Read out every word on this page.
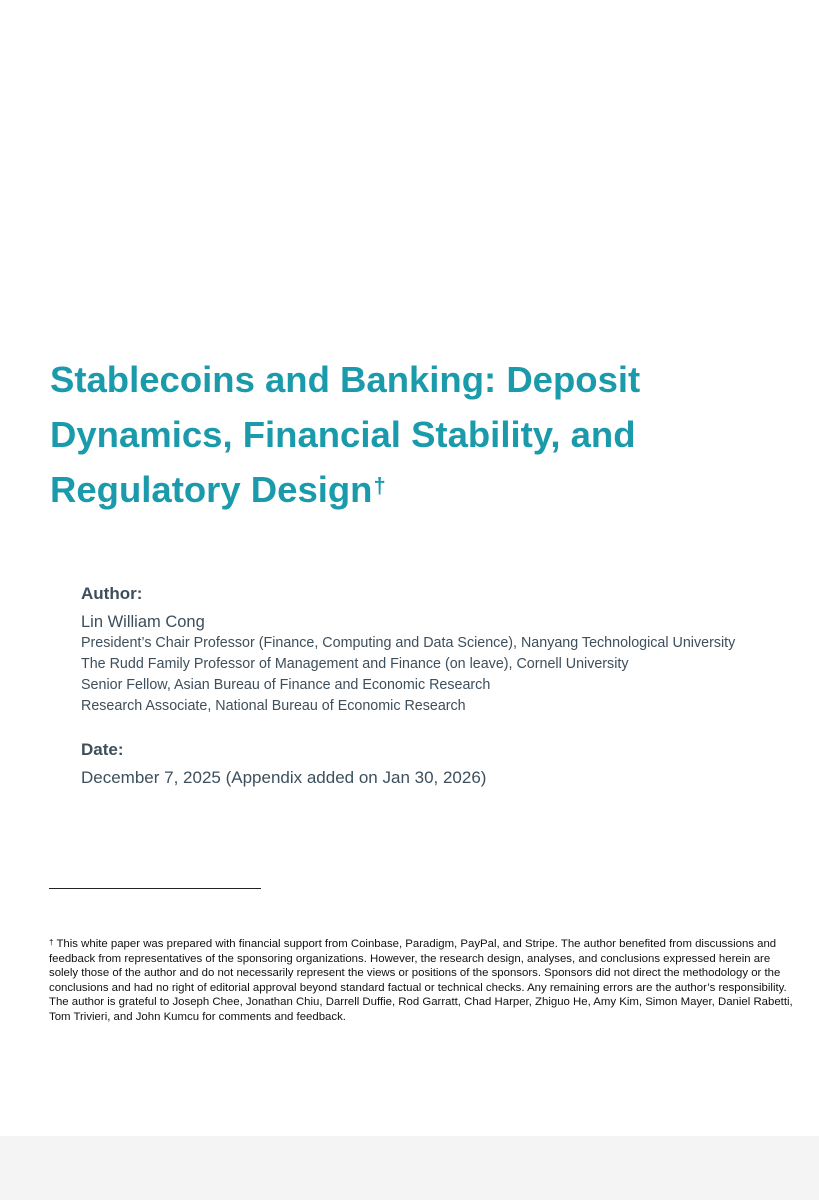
Stablecoins and Banking: Deposit
Dynamics, Financial Stability, and
Regulatory Design†
Author:
Lin William Cong
President’s Chair Professor (Finance, Computing and Data Science), Nanyang Technological University
The Rudd Family Professor of Management and Finance (on leave), Cornell University
Senior Fellow, Asian Bureau of Finance and Economic Research
Research Associate, National Bureau of Economic Research
Date:
December 7, 2025 (Appendix added on Jan 30, 2026)

† This white paper was prepared with financial support from Coinbase, Paradigm, PayPal, and Stripe. The author benefited from discussions and feedback from representatives of the sponsoring organizations. However, the research design, analyses, and conclusions expressed herein are solely those of the author and do not necessarily represent the views or positions of the sponsors. Sponsors did not direct the methodology or the conclusions and had no right of editorial approval beyond standard factual or technical checks. Any remaining errors are the author’s responsibility. The author is grateful to Joseph Chee, Jonathan Chiu, Darrell Duffie, Rod Garratt, Chad Harper, Zhiguo He, Amy Kim, Simon Mayer, Daniel Rabetti, Tom Trivieri, and John Kumcu for comments and feedback.
